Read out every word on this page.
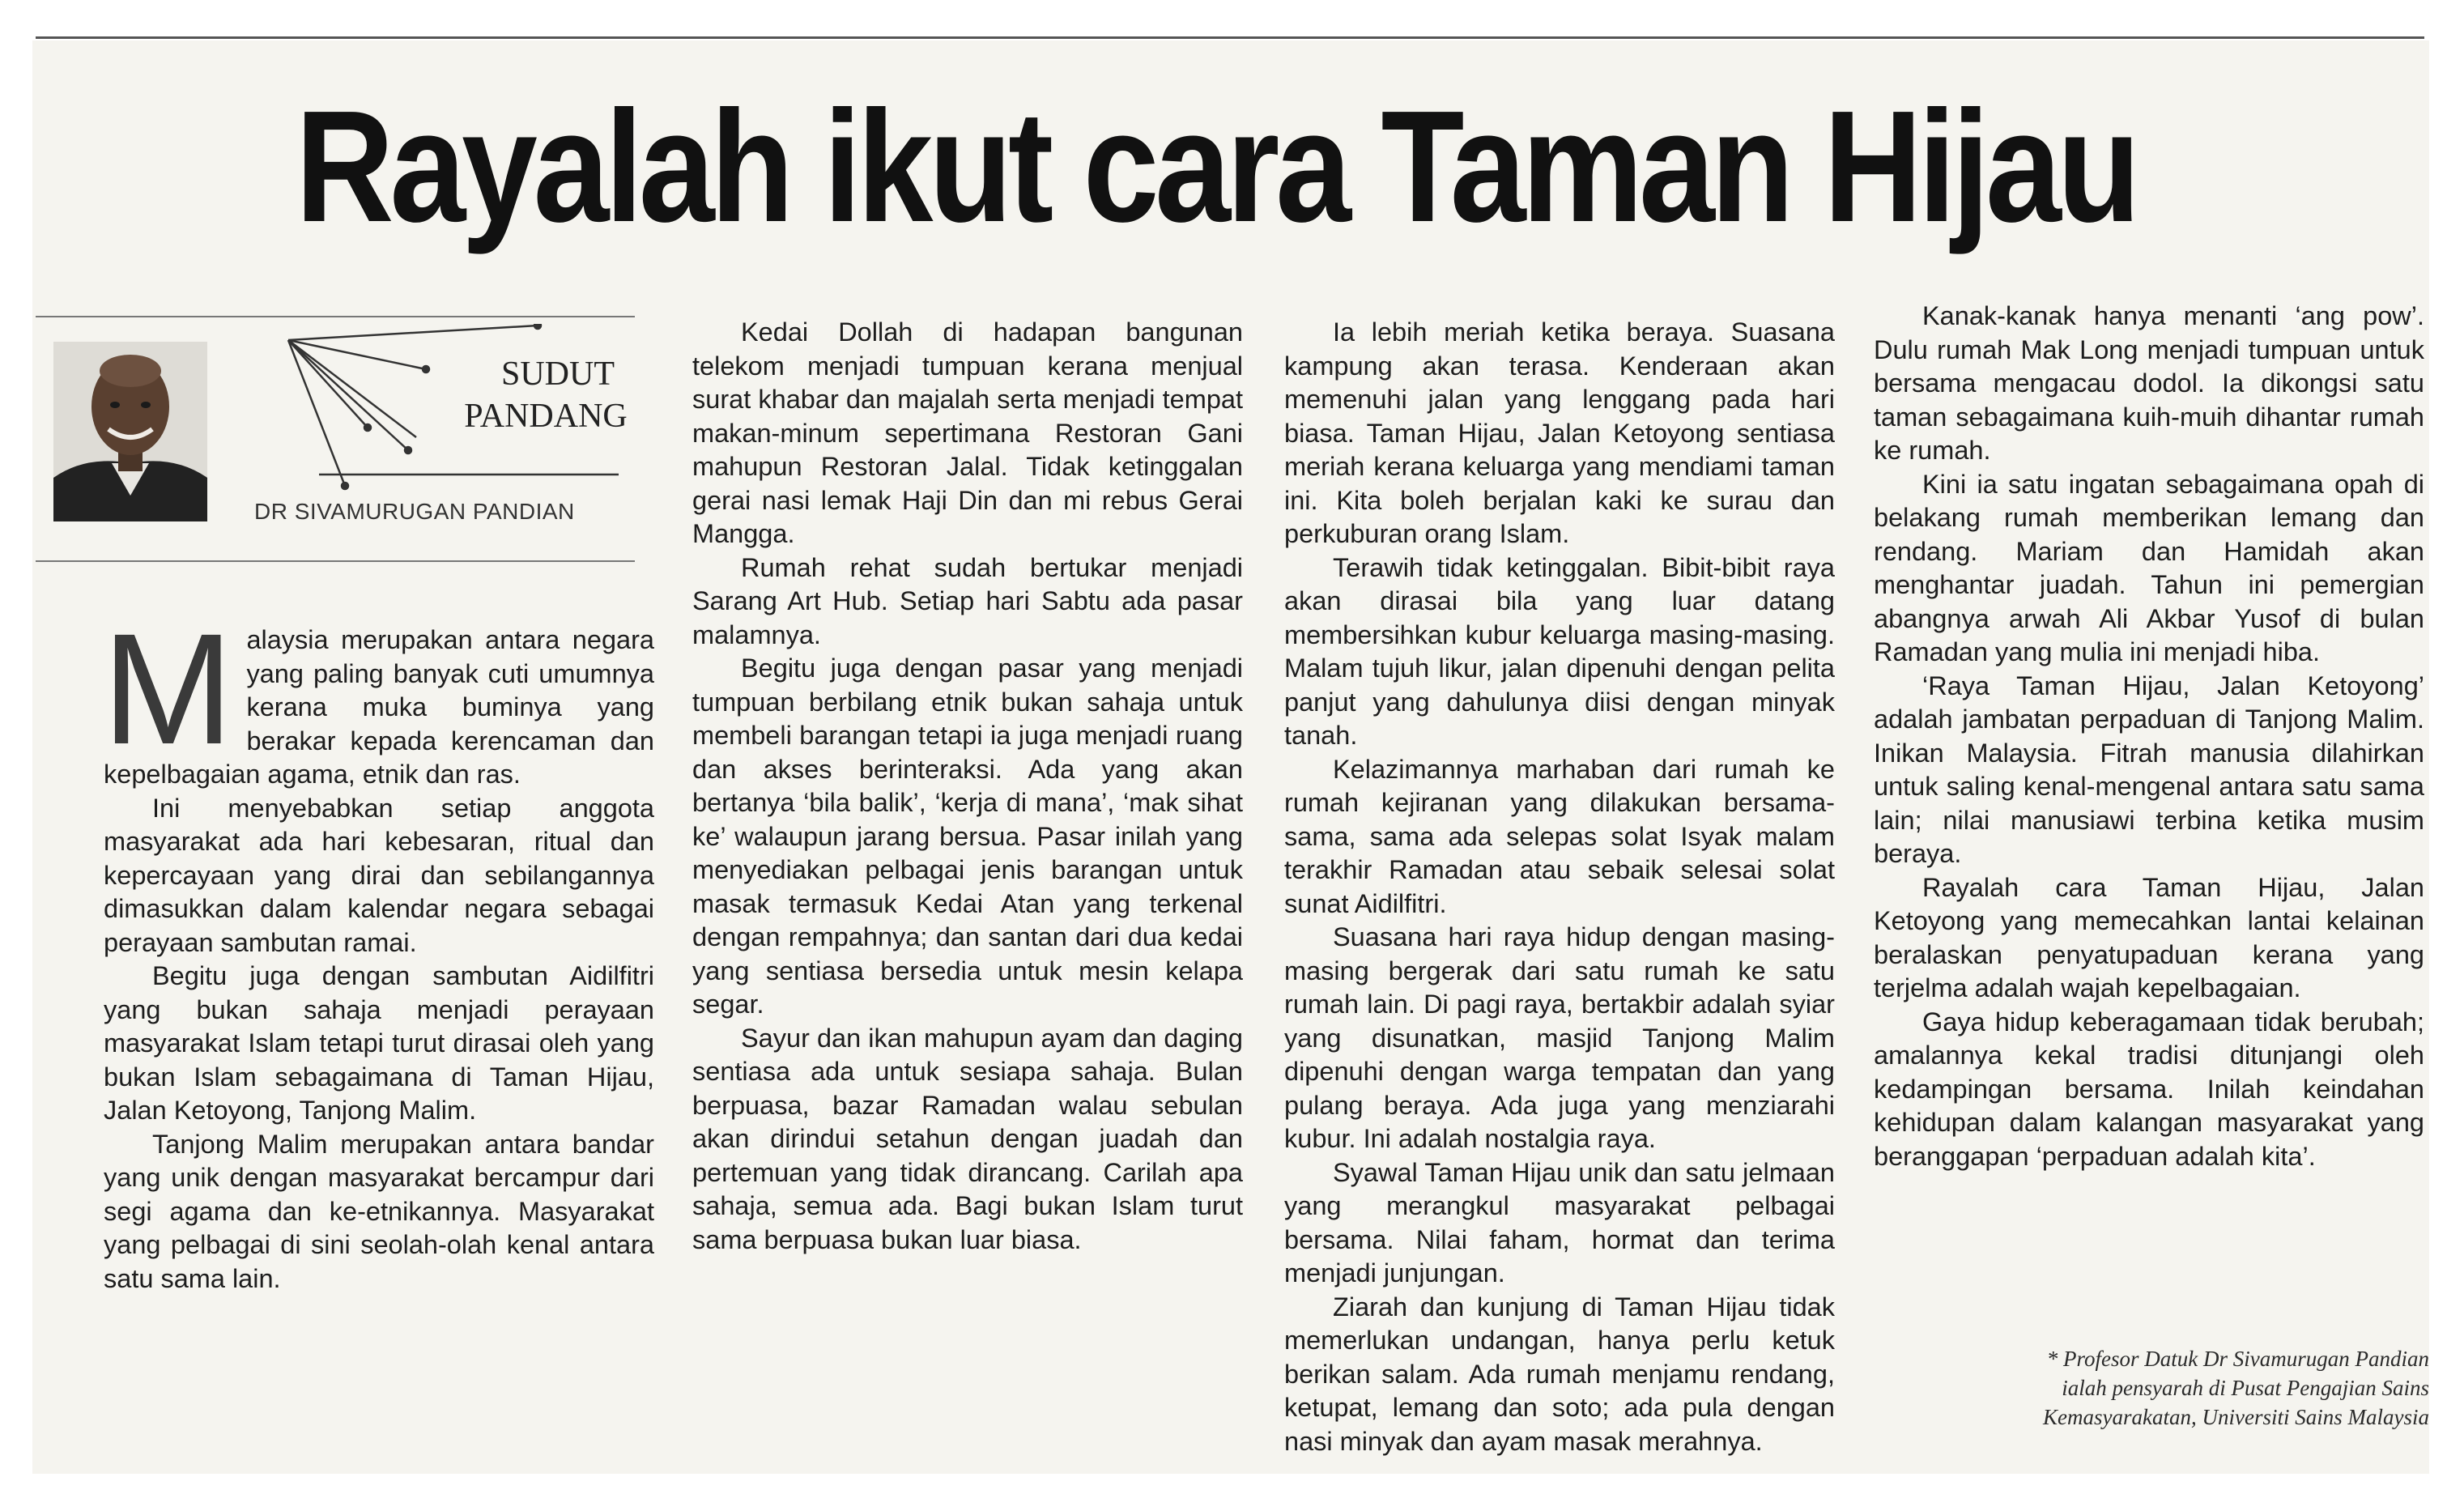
Rayalah ikut cara Taman Hijau
SUDUT
PANDANG
DR SIVAMURUGAN PANDIAN

Malaysia merupakan antara negara yang paling banyak cuti umumnya kerana muka buminya yang berakar kepada kerencaman dan kepelbagaian agama, etnik dan ras.

Ini menyebabkan setiap anggota masyarakat ada hari kebesaran, ritual dan kepercayaan yang dirai dan sebilangannya dimasukkan dalam kalendar negara sebagai perayaan sambutan ramai.

Begitu juga dengan sambutan Aidilfitri yang bukan sahaja menjadi perayaan masyarakat Islam tetapi turut dirasai oleh yang bukan Islam sebagaimana di Taman Hijau, Jalan Ketoyong, Tanjong Malim.

Tanjong Malim merupakan antara bandar yang unik dengan masyarakat bercampur dari segi agama dan ke-etnikannya. Masyarakat yang pelbagai di sini seolah-olah kenal antara satu sama lain.

Kedai Dollah di hadapan bangunan telekom menjadi tumpuan kerana menjual surat khabar dan majalah serta menjadi tempat makan-minum sepertimana Restoran Gani mahupun Restoran Jalal. Tidak ketinggalan gerai nasi lemak Haji Din dan mi rebus Gerai Mangga.

Rumah rehat sudah bertukar menjadi Sarang Art Hub. Setiap hari Sabtu ada pasar malamnya.

Begitu juga dengan pasar yang menjadi tumpuan berbilang etnik bukan sahaja untuk membeli barangan tetapi ia juga menjadi ruang dan akses berinteraksi. Ada yang akan bertanya ‘bila balik’, ‘kerja di mana’, ‘mak sihat ke’ walaupun jarang bersua. Pasar inilah yang menyediakan pelbagai jenis barangan untuk masak termasuk Kedai Atan yang terkenal dengan rempahnya; dan santan dari dua kedai yang sentiasa bersedia untuk mesin kelapa segar.

Sayur dan ikan mahupun ayam dan daging sentiasa ada untuk sesiapa sahaja. Bulan berpuasa, bazar Ramadan walau sebulan akan dirindui setahun dengan juadah dan pertemuan yang tidak dirancang. Carilah apa sahaja, semua ada. Bagi bukan Islam turut sama berpuasa bukan luar biasa.

Ia lebih meriah ketika beraya. Suasana kampung akan terasa. Kenderaan akan memenuhi jalan yang lenggang pada hari biasa. Taman Hijau, Jalan Ketoyong sentiasa meriah kerana keluarga yang mendiami taman ini. Kita boleh berjalan kaki ke surau dan perkuburan orang Islam.

Terawih tidak ketinggalan. Bibit-bibit raya akan dirasai bila yang luar datang membersihkan kubur keluarga masing-masing. Malam tujuh likur, jalan dipenuhi dengan pelita panjut yang dahulunya diisi dengan minyak tanah.

Kelazimannya marhaban dari rumah ke rumah kejiranan yang dilakukan bersama-sama, sama ada selepas solat Isyak malam terakhir Ramadan atau sebaik selesai solat sunat Aidilfitri.

Suasana hari raya hidup dengan masing-masing bergerak dari satu rumah ke satu rumah lain. Di pagi raya, bertakbir adalah syiar yang disunatkan, masjid Tanjong Malim dipenuhi dengan warga tempatan dan yang pulang beraya. Ada juga yang menziarahi kubur. Ini adalah nostalgia raya.

Syawal Taman Hijau unik dan satu jelmaan yang merangkul masyarakat pelbagai bersama. Nilai faham, hormat dan terima menjadi junjungan.

Ziarah dan kunjung di Taman Hijau tidak memerlukan undangan, hanya perlu ketuk berikan salam. Ada rumah menjamu rendang, ketupat, lemang dan soto; ada pula dengan nasi minyak dan ayam masak merahnya.

Kanak-kanak hanya menanti ‘ang pow’. Dulu rumah Mak Long menjadi tumpuan untuk bersama mengacau dodol. Ia dikongsi satu taman sebagaimana kuih-muih dihantar rumah ke rumah.

Kini ia satu ingatan sebagaimana opah di belakang rumah memberikan lemang dan rendang. Mariam dan Hamidah akan menghantar juadah. Tahun ini pemergian abangnya arwah Ali Akbar Yusof di bulan Ramadan yang mulia ini menjadi hiba.

‘Raya Taman Hijau, Jalan Ketoyong’ adalah jambatan perpaduan di Tanjong Malim. Inikan Malaysia. Fitrah manusia dilahirkan untuk saling kenal-mengenal antara satu sama lain; nilai manusiawi terbina ketika musim beraya.

Rayalah cara Taman Hijau, Jalan Ketoyong yang memecahkan lantai kelainan beralaskan penyatupaduan kerana yang terjelma adalah wajah kepelbagaian.

Gaya hidup keberagamaan tidak berubah; amalannya kekal tradisi ditunjangi oleh kedampingan bersama. Inilah keindahan kehidupan dalam kalangan masyarakat yang beranggapan ‘perpaduan adalah kita’.

* Profesor Datuk Dr Sivamurugan Pandian
ialah pensyarah di Pusat Pengajian Sains
Kemasyarakatan, Universiti Sains Malaysia
